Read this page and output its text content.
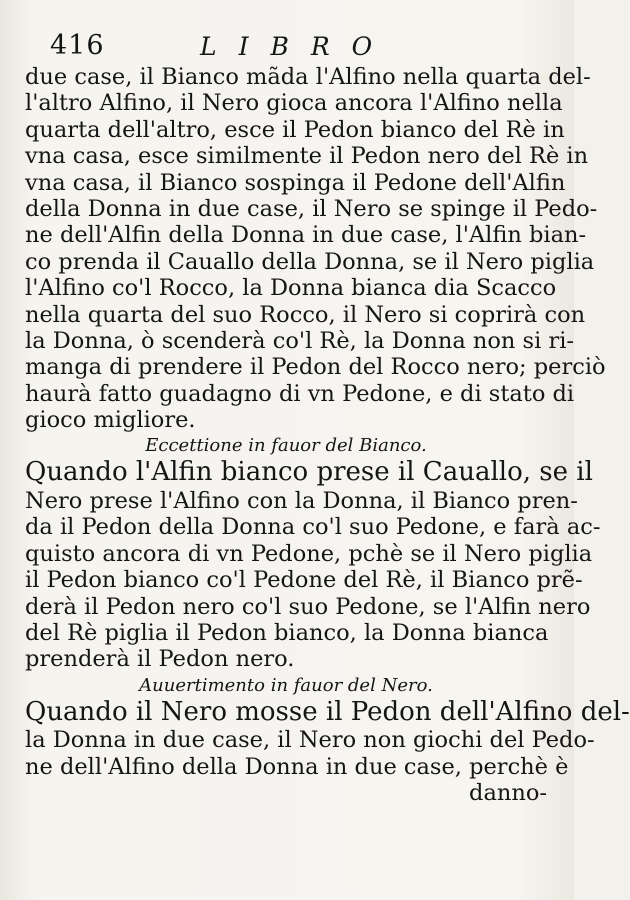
416	LIBRO
due case, il Bianco mãda l'Alfino nella quarta del-
l'altro Alfino, il Nero gioca ancora l'Alfino nella
quarta dell'altro, esce il Pedon bianco del Rè in
vna casa, esce similmente il Pedon nero del Rè in
vna casa, il Bianco sospinga il Pedone dell'Alfin
della Donna in due case, il Nero se spinge il Pedo-
ne dell'Alfin della Donna in due case, l'Alfin bian-
co prenda il Cauallo della Donna, se il Nero piglia
l'Alfino co'l Rocco, la Donna bianca dia Scacco
nella quarta del suo Rocco, il Nero si coprirà con
la Donna, ò scenderà co'l Rè, la Donna non si ri-
manga di prendere il Pedon del Rocco nero; perciò
haurà fatto guadagno di vn Pedone, e di stato di
gioco migliore.
Eccettione in fauor del Bianco.
Quando l'Alfin bianco prese il Cauallo, se il
Nero prese l'Alfino con la Donna, il Bianco pren-
da il Pedon della Donna co'l suo Pedone, e farà ac-
quisto ancora di vn Pedone, pchè se il Nero piglia
il Pedon bianco co'l Pedone del Rè, il Bianco prẽ-
derà il Pedon nero co'l suo Pedone, se l'Alfin nero
del Rè piglia il Pedon bianco, la Donna bianca
prenderà il Pedon nero.
Auuertimento in fauor del Nero.
Quando il Nero mosse il Pedon dell'Alfino del-
la Donna in due case, il Nero non giochi del Pedo-
ne dell'Alfino della Donna in due case, perchè è
danno-
